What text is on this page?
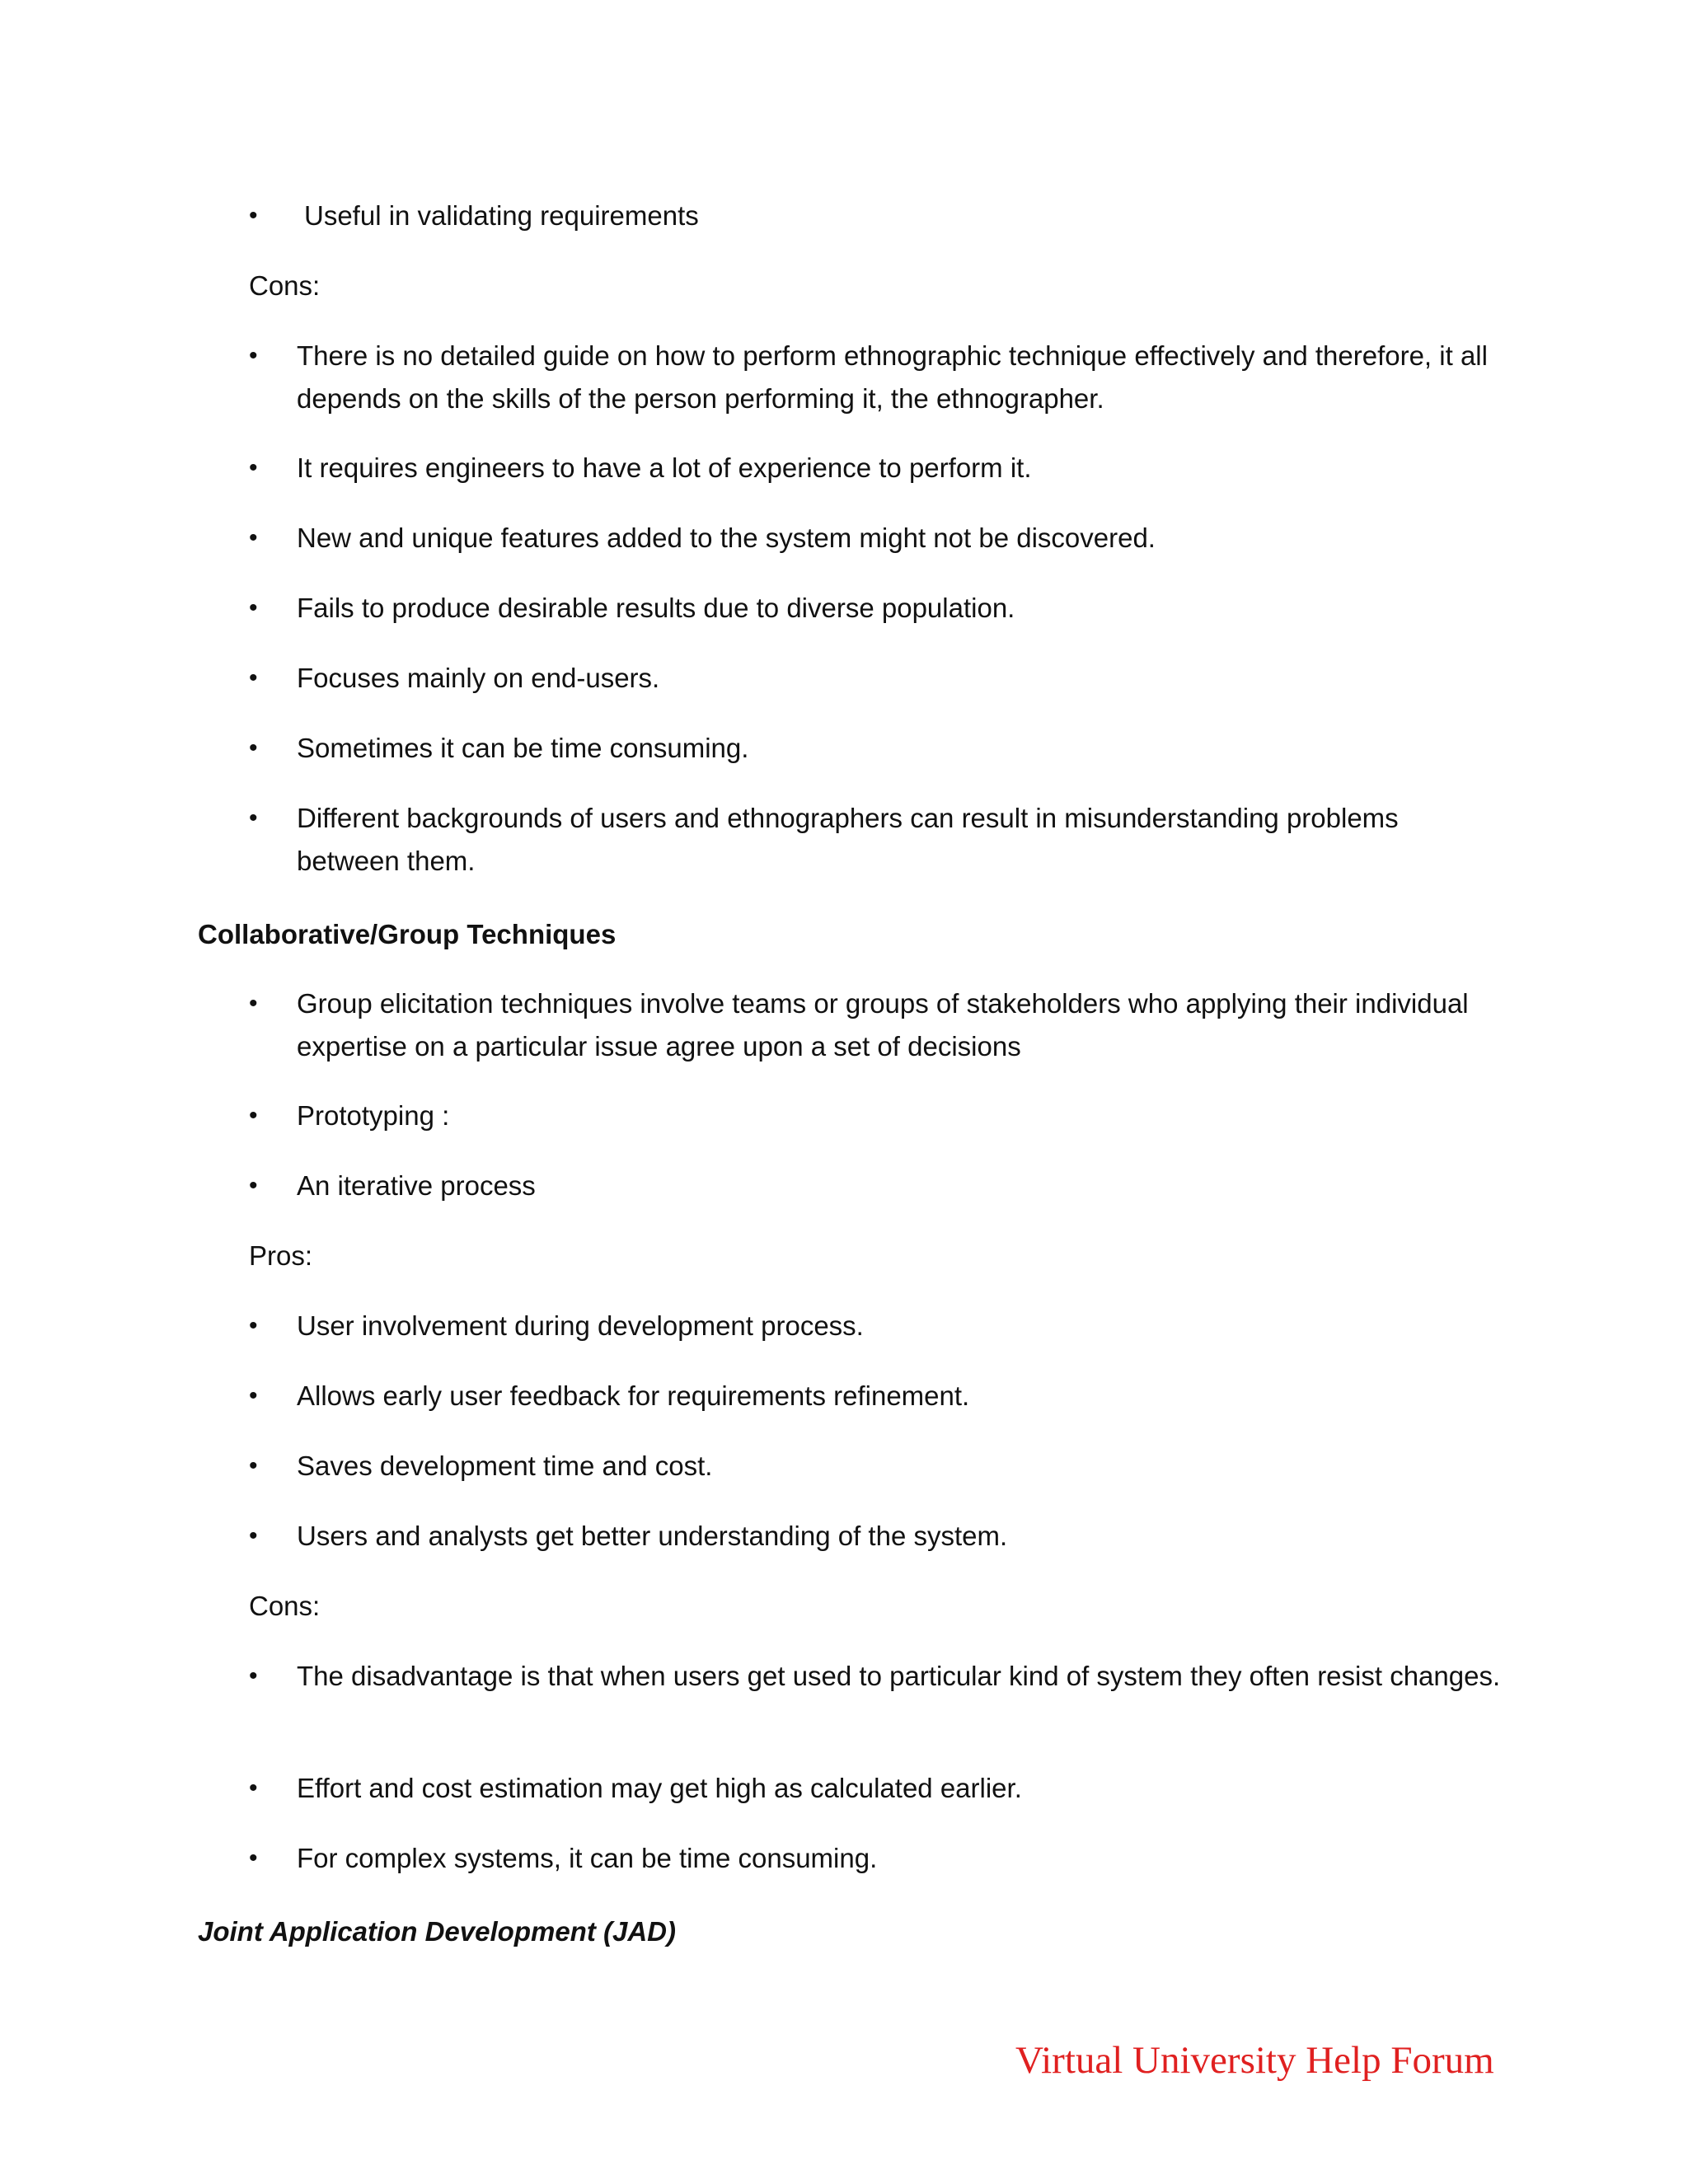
•	Useful in validating requirements
Cons:
•	There is no detailed guide on how to perform ethnographic technique effectively and therefore, it all depends on the skills of the person performing it, the ethnographer.
•	It requires engineers to have a lot of experience to perform it.
•	New and unique features added to the system might not be discovered.
•	Fails to produce desirable results due to diverse population.
•	Focuses mainly on end-users.
•	Sometimes it can be time consuming.
•	Different backgrounds of users and ethnographers can result in misunderstanding problems between them.
Collaborative/Group Techniques
•	Group elicitation techniques involve teams or groups of stakeholders who applying their individual expertise on a particular issue agree upon a set of decisions
•	Prototyping :
•	An iterative process
Pros:
•	User involvement during development process.
•	Allows early user feedback for requirements refinement.
•	Saves development time and cost.
•	Users and analysts get better understanding of the system.
Cons:
•	The disadvantage is that when users get used to particular kind of system they often resist changes.
•	Effort and cost estimation may get high as calculated earlier.
•	For complex systems, it can be time consuming.
Joint Application Development (JAD)
Virtual University Help Forum
